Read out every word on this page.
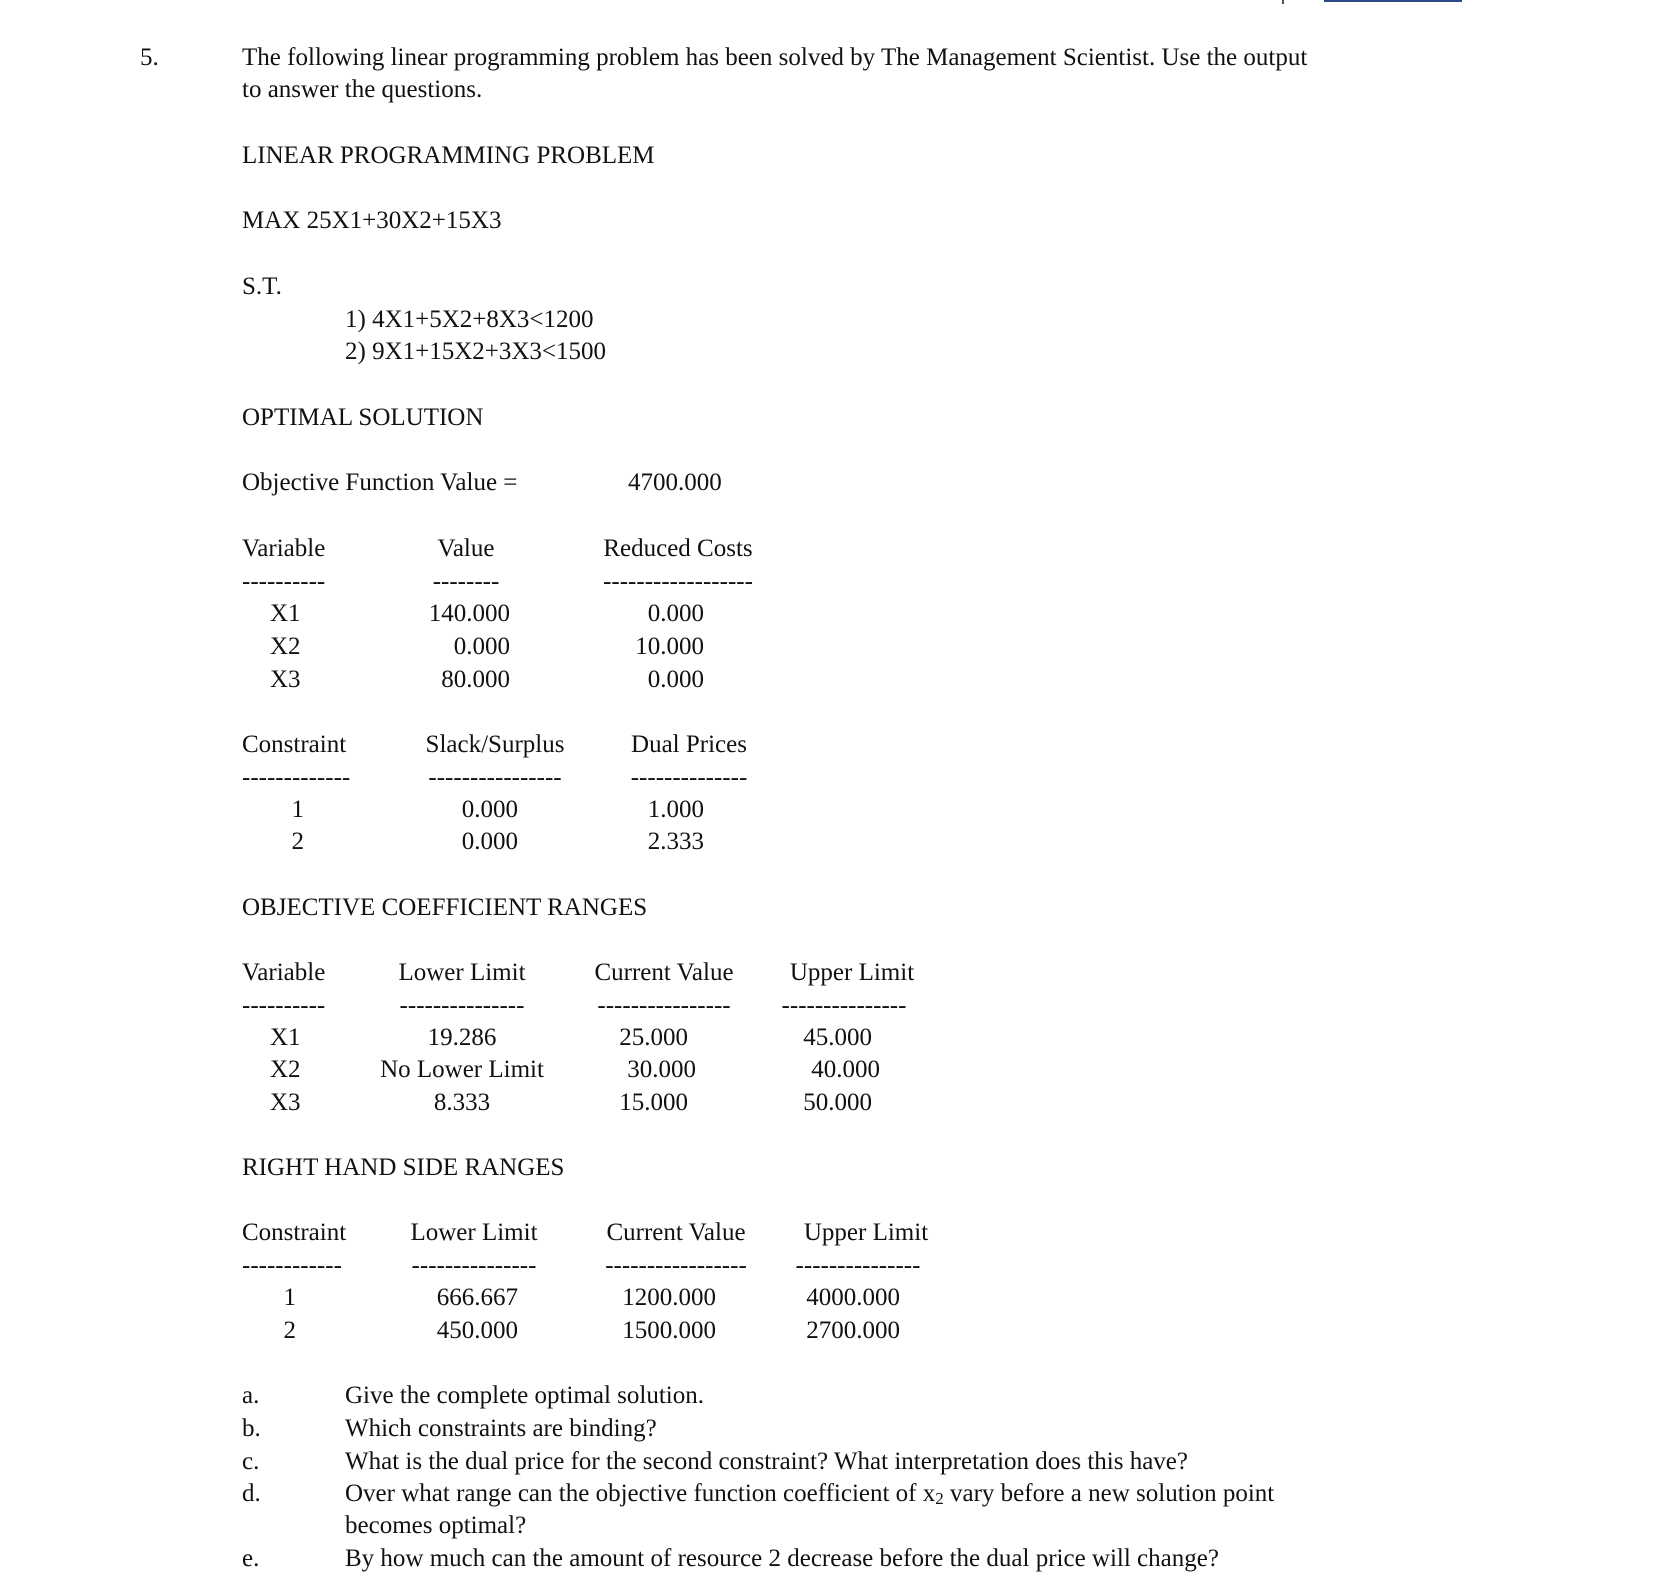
5.	The following linear programming problem has been solved by The Management Scientist. Use the output
to answer the questions.
LINEAR PROGRAMMING PROBLEM
MAX 25X1+30X2+15X3
S.T.
1) 4X1+5X2+8X3<1200
2) 9X1+15X2+3X3<1500
OPTIMAL SOLUTION
Objective Function Value =	4700.000
Variable	Value	Reduced Costs
----------	--------	------------------
X1	140.000	0.000
X2	0.000	10.000
X3	80.000	0.000
Constraint	Slack/Surplus	Dual Prices
-------------	----------------	--------------
1	0.000	1.000
2	0.000	2.333
OBJECTIVE COEFFICIENT RANGES
Variable	Lower Limit	Current Value	Upper Limit
----------	---------------	----------------	---------------
X1	19.286	25.000	45.000
X2	No Lower Limit	30.000	40.000
X3	8.333	15.000	50.000
RIGHT HAND SIDE RANGES
Constraint	Lower Limit	Current Value	Upper Limit
------------	---------------	-----------------	---------------
1	666.667	1200.000	4000.000
2	450.000	1500.000	2700.000
a.	Give the complete optimal solution.
b.	Which constraints are binding?
c.	What is the dual price for the second constraint? What interpretation does this have?
d.	Over what range can the objective function coefficient of $x_2$ vary before a new solution point
becomes optimal?
e.	By how much can the amount of resource 2 decrease before the dual price will change?
